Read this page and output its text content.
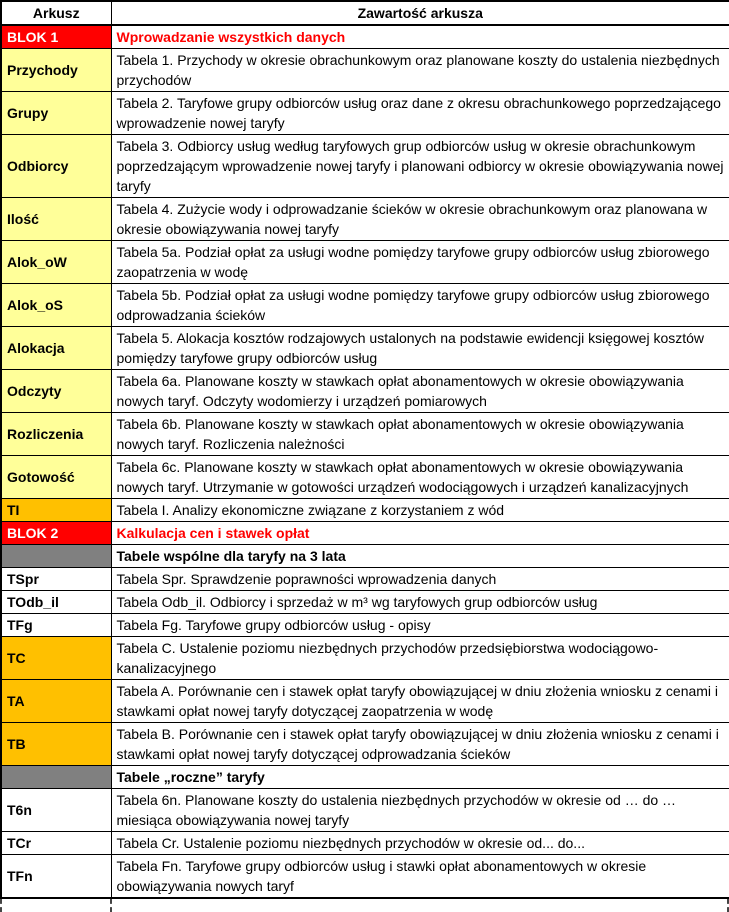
Arkusz	Zawartość arkusza
BLOK 1	Wprowadzanie wszystkich danych
Przychody	Tabela 1. Przychody w okresie obrachunkowym oraz planowane koszty do ustalenia niezbędnych przychodów
Grupy	Tabela 2. Taryfowe grupy odbiorców usług oraz dane z okresu obrachunkowego poprzedzającego wprowadzenie nowej taryfy
Odbiorcy	Tabela 3. Odbiorcy usług według taryfowych grup odbiorców usług w okresie obrachunkowym poprzedzającym wprowadzenie nowej taryfy i planowani odbiorcy w okresie obowiązywania nowej taryfy
Ilość	Tabela 4. Zużycie wody i odprowadzanie ścieków w okresie obrachunkowym oraz planowana w okresie obowiązywania nowej taryfy
Alok_oW	Tabela 5a. Podział opłat za usługi wodne pomiędzy taryfowe grupy odbiorców usług zbiorowego zaopatrzenia w wodę
Alok_oS	Tabela 5b. Podział opłat za usługi wodne pomiędzy taryfowe grupy odbiorców usług zbiorowego odprowadzania ścieków
Alokacja	Tabela 5. Alokacja kosztów rodzajowych ustalonych na podstawie ewidencji księgowej kosztów pomiędzy taryfowe grupy odbiorców usług
Odczyty	Tabela 6a. Planowane koszty w stawkach opłat abonamentowych w okresie obowiązywania nowych taryf. Odczyty wodomierzy i urządzeń pomiarowych
Rozliczenia	Tabela 6b. Planowane koszty w stawkach opłat abonamentowych w okresie obowiązywania nowych taryf. Rozliczenia należności
Gotowość	Tabela 6c. Planowane koszty w stawkach opłat abonamentowych w okresie obowiązywania nowych taryf. Utrzymanie w gotowości urządzeń wodociągowych i urządzeń kanalizacyjnych
TI	Tabela I. Analizy ekonomiczne związane z korzystaniem z wód
BLOK 2	Kalkulacja cen i stawek opłat
	Tabele wspólne dla taryfy na 3 lata
TSpr	Tabela Spr. Sprawdzenie poprawności wprowadzenia danych
TOdb_il	Tabela Odb_il. Odbiorcy i sprzedaż w m³ wg taryfowych grup odbiorców usług
TFg	Tabela Fg. Taryfowe grupy odbiorców usług - opisy
TC	Tabela C. Ustalenie poziomu niezbędnych przychodów przedsiębiorstwa wodociągowo-kanalizacyjnego
TA	Tabela A. Porównanie cen i stawek opłat taryfy obowiązującej w dniu złożenia wniosku z cenami i stawkami opłat nowej taryfy dotyczącej zaopatrzenia w wodę
TB	Tabela B. Porównanie cen i stawek opłat taryfy obowiązującej w dniu złożenia wniosku z cenami i stawkami opłat nowej taryfy dotyczącej odprowadzania ścieków
	Tabele „roczne” taryfy
T6n	Tabela 6n. Planowane koszty do ustalenia niezbędnych przychodów w okresie od … do … miesiąca obowiązywania nowej taryfy
TCr	Tabela Cr. Ustalenie poziomu niezbędnych przychodów w okresie od... do...
TFn	Tabela Fn. Taryfowe grupy odbiorców usług i stawki opłat abonamentowych w okresie obowiązywania nowych taryf
